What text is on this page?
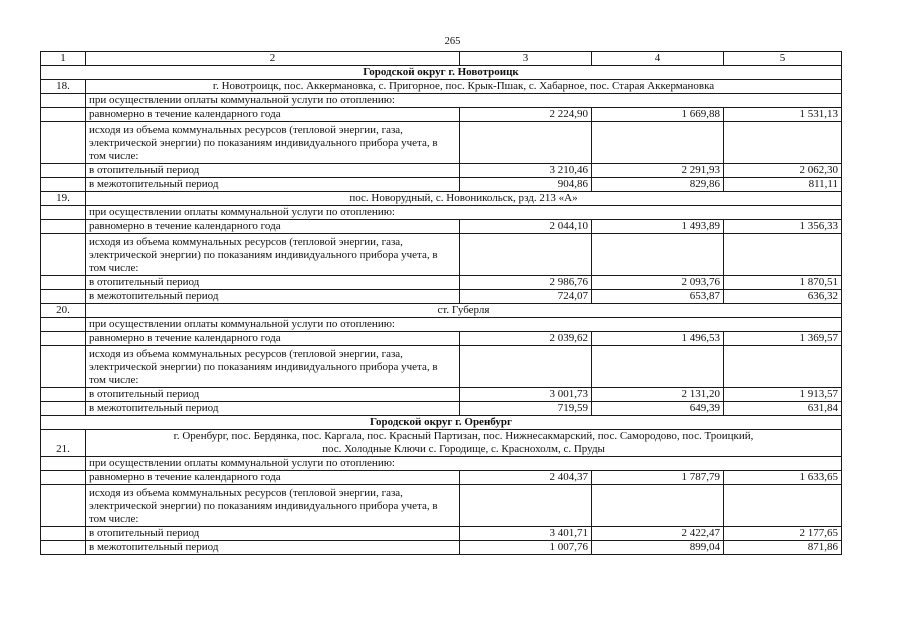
265
1	2	3	4	5
Городской округ г. Новотроицк				
18.	г. Новотроицк, пос. Аккермановка, с. Пригорное, пос. Крык-Пшак, с. Хабарное, пос. Старая Аккермановка			
	при осуществлении оплаты коммунальной услуги по отоплению:			
	равномерно в течение календарного года	2 224,90	1 669,88	1 531,13
	исходя из объема коммунальных ресурсов (тепловой энергии, газа, электрической энергии) по показаниям индивидуального прибора учета, в том числе:			
	в отопительный период	3 210,46	2 291,93	2 062,30
	в межотопительный период	904,86	829,86	811,11
19.	пос. Новорудный, с. Новоникольск, рзд. 213 «А»			
	при осуществлении оплаты коммунальной услуги по отоплению:			
	равномерно в течение календарного года	2 044,10	1 493,89	1 356,33
	исходя из объема коммунальных ресурсов (тепловой энергии, газа, электрической энергии) по показаниям индивидуального прибора учета, в том числе:			
	в отопительный период	2 986,76	2 093,76	1 870,51
	в межотопительный период	724,07	653,87	636,32
20.	ст. Губерля			
	при осуществлении оплаты коммунальной услуги по отоплению:			
	равномерно в течение календарного года	2 039,62	1 496,53	1 369,57
	исходя из объема коммунальных ресурсов (тепловой энергии, газа, электрической энергии) по показаниям индивидуального прибора учета, в том числе:			
	в отопительный период	3 001,73	2 131,20	1 913,57
	в межотопительный период	719,59	649,39	631,84
Городской округ г. Оренбург				
21.	г. Оренбург, пос. Бердянка, пос. Каргала, пос. Красный Партизан, пос. Нижнесакмарский, пос. Самородово, пос. Троицкий,
пос. Холодные Ключи с. Городище, с. Краснохолм, с. Пруды			
	при осуществлении оплаты коммунальной услуги по отоплению:			
	равномерно в течение календарного года	2 404,37	1 787,79	1 633,65
	исходя из объема коммунальных ресурсов (тепловой энергии, газа, электрической энергии) по показаниям индивидуального прибора учета, в том числе:			
	в отопительный период	3 401,71	2 422,47	2 177,65
	в межотопительный период	1 007,76	899,04	871,86
